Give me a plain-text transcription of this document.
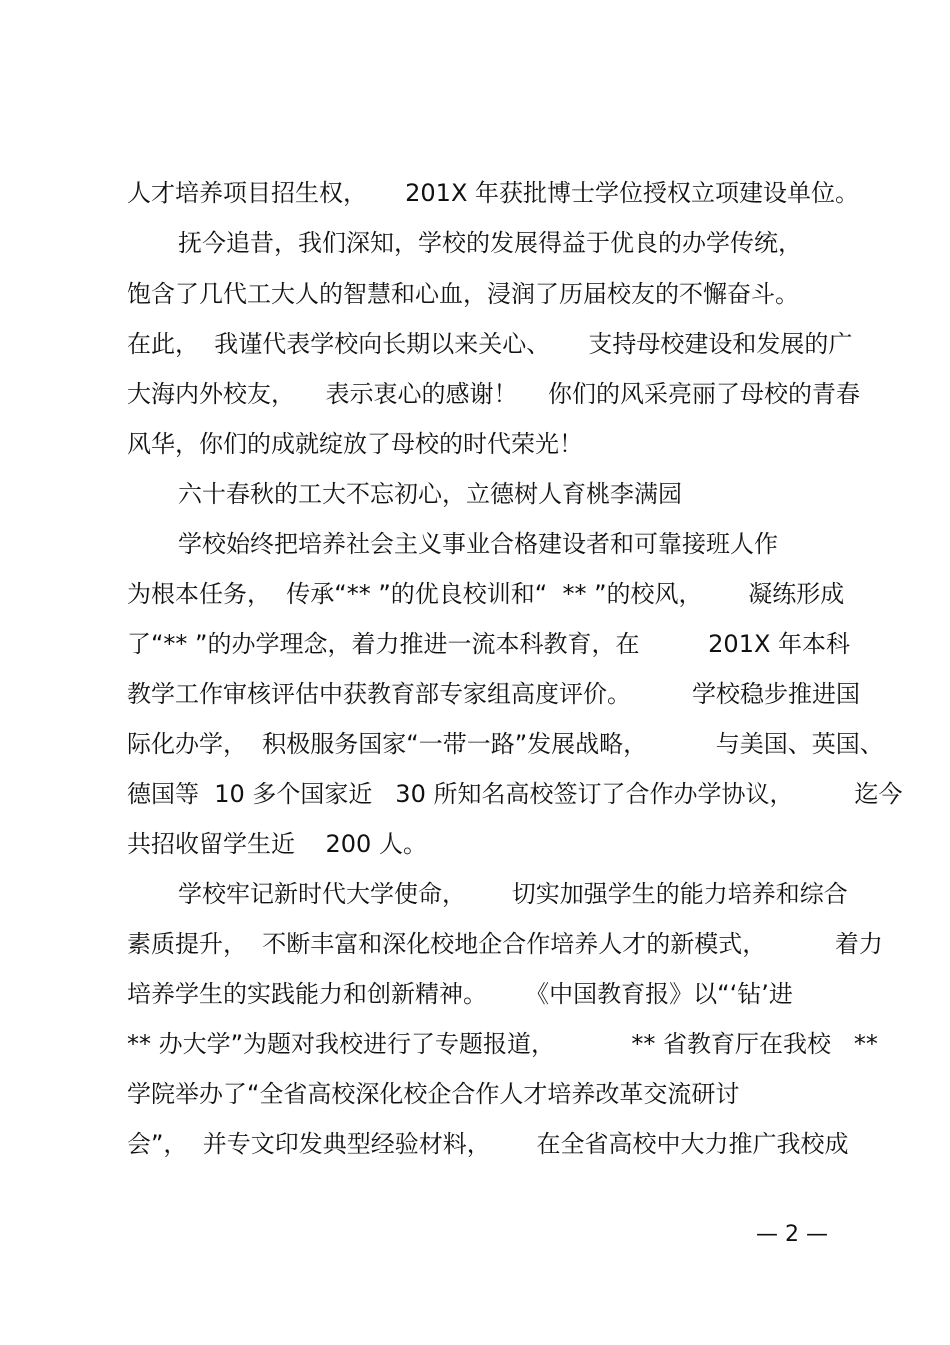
人才培养项目招生权，     201X 年获批博士学位授权立项建设单位。
抚今追昔，我们深知，学校的发展得益于优良的办学传统，
饱含了几代工大人的智慧和心血，浸润了历届校友的不懈奋斗。
在此，  我谨代表学校向长期以来关心、     支持母校建设和发展的广
大海内外校友，    表示衷心的感谢！    你们的风采亮丽了母校的青春
风华，你们的成就绽放了母校的时代荣光！
六十春秋的工大不忘初心，立德树人育桃李满园
学校始终把培养社会主义事业合格建设者和可靠接班人作
为根本任务，  传承“** ”的优良校训和“  ** ”的校风，      凝练形成
了“** ”的办学理念，着力推进一流本科教育，在         201X 年本科
教学工作审核评估中获教育部专家组高度评价。        学校稳步推进国
际化办学，  积极服务国家“一带一路”发展战略，         与美国、英国、
德国等  10 多个国家近   30 所知名高校签订了合作办学协议，        迄今
共招收留学生近    200 人。
学校牢记新时代大学使命，      切实加强学生的能力培养和综合
素质提升，  不断丰富和深化校地企合作培养人才的新模式，         着力
培养学生的实践能力和创新精神。     《中国教育报》以“‘钻’进
** 办大学”为题对我校进行了专题报道，          ** 省教育厅在我校   **
学院举办了“全省高校深化校企合作人才培养改革交流研讨
会”，  并专文印发典型经验材料，      在全省高校中大力推广我校成
— 2 —
